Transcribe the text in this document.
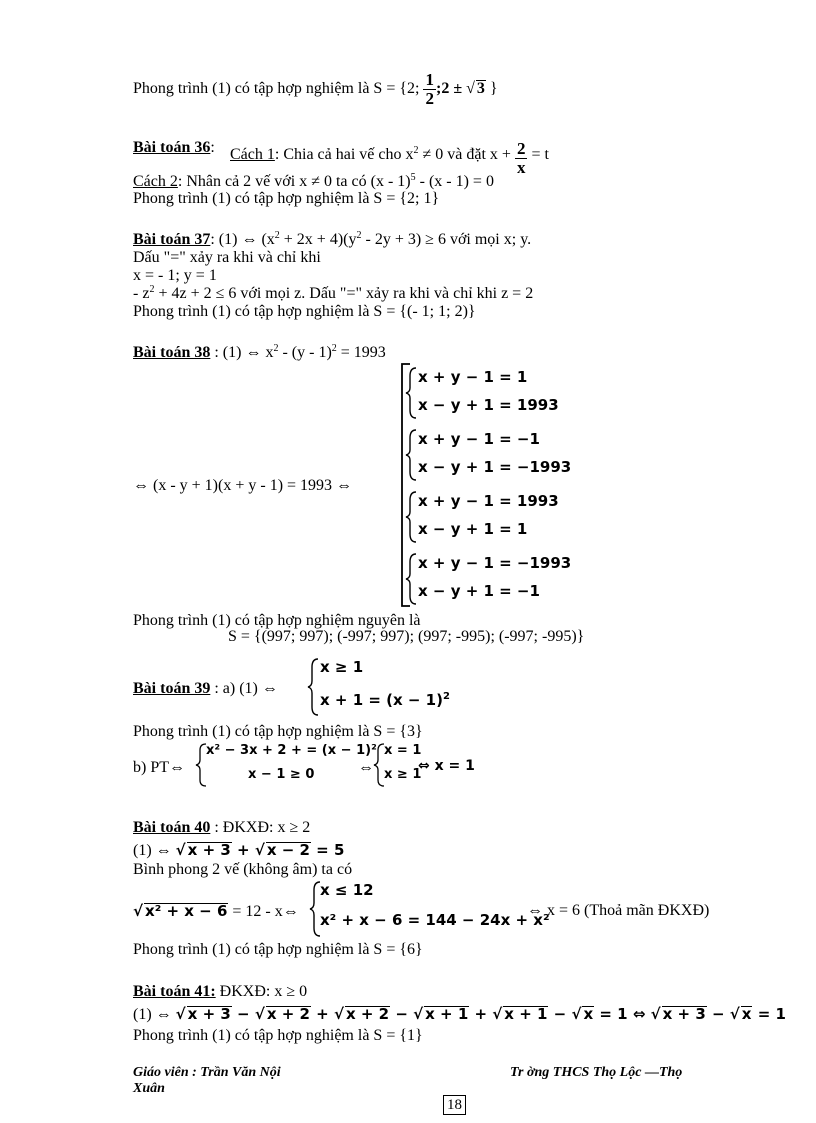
Phong trình (1) có tập hợp nghiệm là S = {2; $\frac{1}{2}$ ;2 ± √ 3 }
Bài toán 36: Cách 1: Chia cả hai vế cho $x^2 \ne 0$ và đặt $x + \frac{2}{x} = t$
Cách 2: Nhân cả 2 vế với x ≠ 0 ta có (x - 1)$^5$ - (x - 1) = 0
Phong trình (1) có tập hợp nghiệm là S = {2; 1}
Bài toán 37: (1) ⇔ $(x^2 + 2x + 4)(y^2 - 2y + 3) \ge 6$ với mọi x; y.
Dấu "=" xảy ra khi và chỉ khi
x = - 1; y = 1
- $z^2 + 4z + 2 \le 6$ với mọi z. Dấu "=" xảy ra khi và chỉ khi z = 2
Phong trình (1) có tập hợp nghiệm là S = {(- 1; 1; 2)}
Bài toán 38 : (1) ⇔ $x^2 - (y - 1)^2 = 1993$
⇔ (x - y + 1)(x + y - 1) = 1993 ⇔
x + y − 1 = 1
x − y + 1 = 1993
x + y − 1 = −1
x − y + 1 = −1993
x + y − 1 = 1993
x − y + 1 = 1
x + y − 1 = −1993
x − y + 1 = −1
Phong trình (1) có tập hợp nghiệm nguyên là
S = {(997; 997); (-997; 997); (997; -995); (-997; -995)}
Bài toán 39 : a) (1) ⇔
x ≥ 1
$x + 1 = (x - 1)^2$
Phong trình (1) có tập hợp nghiệm là S = {3}
b) PT⇔
x² − 3x + 2 + = (x − 1)²
x − 1 ≥ 0	⇔
x = 1
x ≥ 1
⇔ x = 1
Bài toán 40 : ĐKXĐ: x ≥ 2
(1) ⇔ √ x + 3 + √ x − 2 = 5
Bình phong 2 vế (không âm) ta có
√ x² + x − 6 = 12 - x⇔
x ≤ 12
x² + x − 6 = 144 − 24x + x²
⇔ x = 6 (Thoả mãn ĐKXĐ)
Phong trình (1) có tập hợp nghiệm là S = {6}
Bài toán 41: ĐKXĐ: x ≥ 0
(1) ⇔ √ x + 3 − √ x + 2 + √ x + 2 − √ x + 1 + √ x + 1 − √ x = 1 ⇔ √ x + 3 − √ x = 1
Phong trình (1) có tập hợp nghiệm là S = {1}
Giáo viên : Trần Văn Nội
Xuân
Tr ờng THCS Thọ Lộc —Thọ
18
